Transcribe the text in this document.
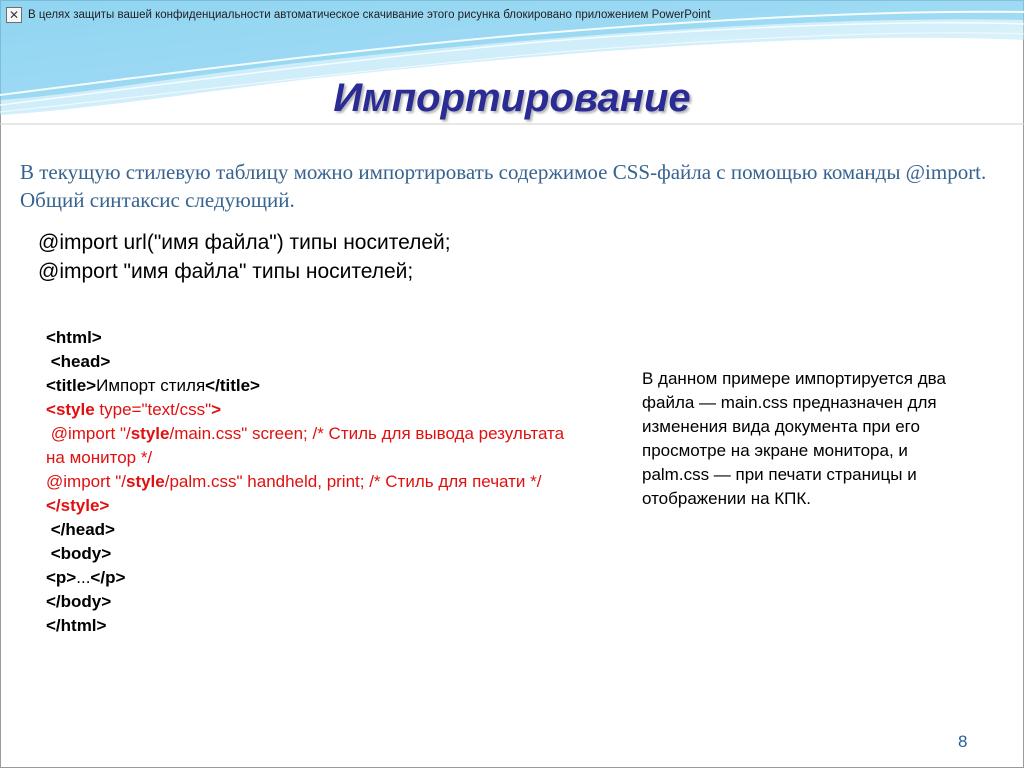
✕ В целях защиты вашей конфиденциальности автоматическое скачивание этого рисунка блокировано приложением PowerPoint
Импортирование
В текущую стилевую таблицу можно импортировать содержимое CSS-файла с помощью команды @import. Общий синтаксис следующий.
@import url("имя файла") типы носителей;
@import "имя файла" типы носителей;
<html>
<head>
<title>Импорт стиля</title>
<style type="text/css">
@import "/style/main.css" screen; /* Стиль для вывода результата на монитор */
@import "/style/palm.css" handheld, print; /* Стиль для печати */
</style>
</head>
<body>
<p>...</p>
</body>
</html>
В данном примере импортируется два файла — main.css предназначен для изменения вида документа при его просмотре на экране монитора, и palm.css — при печати страницы и отображении на КПК.
8
